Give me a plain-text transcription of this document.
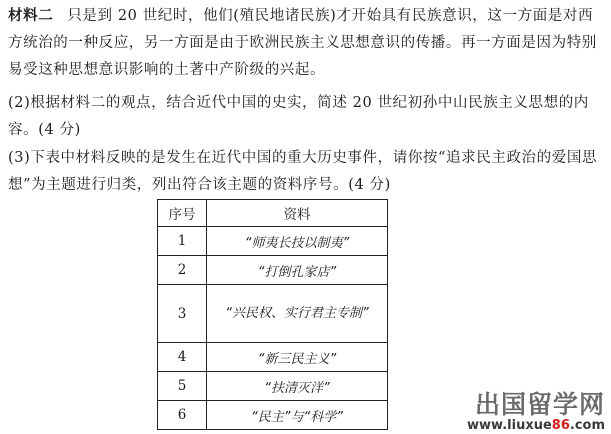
材料二 只是到 20 世纪时，他们(殖民地诸民族)才开始具有民族意识，这一方面是对西方统治的一种反应，另一方面是由于欧洲民族主义思想意识的传播。再一方面是因为特别易受这种思想意识影响的土著中产阶级的兴起。

(2)根据材料二的观点，结合近代中国的史实，简述 20 世纪初孙中山民族主义思想的内容。(4 分)

(3)下表中材料反映的是发生在近代中国的重大历史事件，请你按“追求民主政治的爱国思想”为主题进行归类，列出符合该主题的资料序号。(4 分)

序号	资料
1	“师夷长技以制夷”
2	“打倒孔家店”
3	“兴民权、实行君主专制”
4	“新三民主义”
5	“扶清灭洋”
6	“民主”与“科学”	出国留学网
www.liuxue86.com
